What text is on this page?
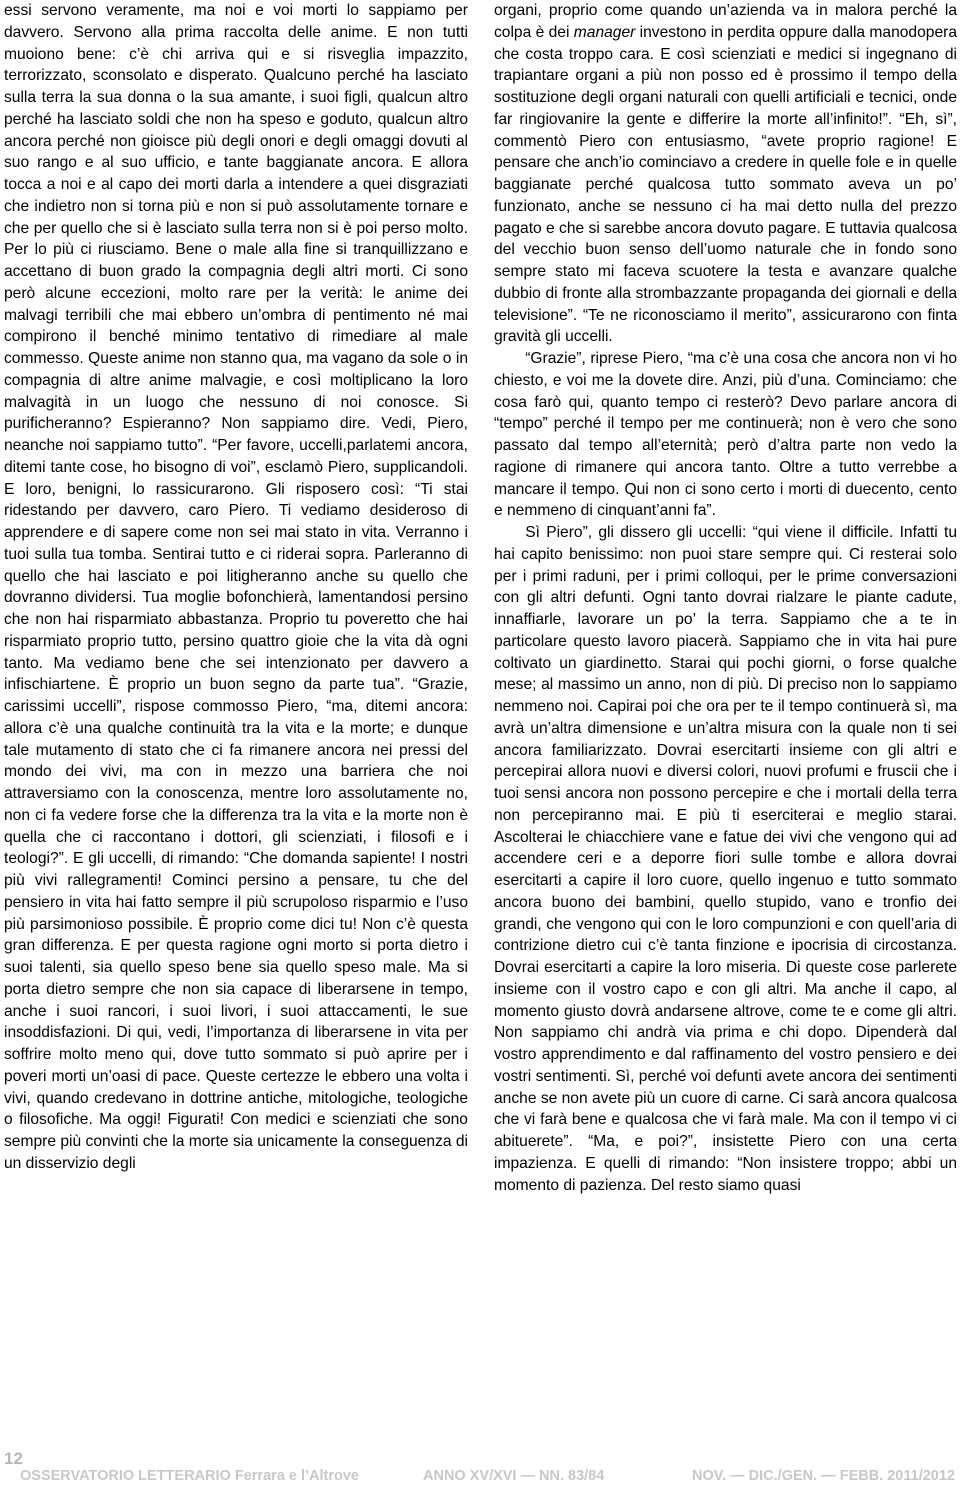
essi servono veramente, ma noi e voi morti lo sappiamo per davvero. Servono alla prima raccolta delle anime. E non tutti muoiono bene: c’è chi arriva qui e si risveglia impazzito, terrorizzato, sconsolato e disperato. Qualcuno perché ha lasciato sulla terra la sua donna o la sua amante, i suoi figli, qualcun altro perché ha lasciato soldi che non ha speso e goduto, qualcun altro ancora perché non gioisce più degli onori e degli omaggi dovuti al suo rango e al suo ufficio, e tante baggianate ancora. E allora tocca a noi e al capo dei morti darla a intendere a quei disgraziati che indietro non si torna più e non si può assolutamente tornare e che per quello che si è lasciato sulla terra non si è poi perso molto. Per lo più ci riusciamo. Bene o male alla fine si tranquillizzano e accettano di buon grado la compagnia degli altri morti. Ci sono però alcune eccezioni, molto rare per la verità: le anime dei malvagi terribili che mai ebbero un’ombra di pentimento né mai compirono il benché minimo tentativo di rimediare al male commesso. Queste anime non stanno qua, ma vagano da sole o in compagnia di altre anime malvagie, e così moltiplicano la loro malvagità in un luogo che nessuno di noi conosce. Si purificheranno? Espieranno? Non sappiamo dire. Vedi, Piero, neanche noi sappiamo tutto”. “Per favore, uccelli,parlatemi ancora, ditemi tante cose, ho bisogno di voi”, esclamò Piero, supplicandoli. E loro, benigni, lo rassicurarono. Gli risposero così: “Ti stai ridestando per davvero, caro Piero. Ti vediamo desideroso di apprendere e di sapere come non sei mai stato in vita. Verranno i tuoi sulla tua tomba. Sentirai tutto e ci riderai sopra. Parleranno di quello che hai lasciato e poi litigheranno anche su quello che dovranno dividersi. Tua moglie bofonchierà, lamentandosi persino che non hai risparmiato abbastanza. Proprio tu poveretto che hai risparmiato proprio tutto, persino quattro gioie che la vita dà ogni tanto. Ma vediamo bene che sei intenzionato per davvero a infischiartene. È proprio un buon segno da parte tua”. “Grazie, carissimi uccelli”, rispose commosso Piero, “ma, ditemi ancora: allora c’è una qualche continuità tra la vita e la morte; e dunque tale mutamento di stato che ci fa rimanere ancora nei pressi del mondo dei vivi, ma con in mezzo una barriera che noi attraversiamo con la conoscenza, mentre loro assolutamente no, non ci fa vedere forse che la differenza tra la vita e la morte non è quella che ci raccontano i dottori, gli scienziati, i filosofi e i teologi?”. E gli uccelli, di rimando: “Che domanda sapiente! I nostri più vivi rallegramenti! Cominci persino a pensare, tu che del pensiero in vita hai fatto sempre il più scrupoloso risparmio e l’uso più parsimonioso possibile. È proprio come dici tu! Non c’è questa gran differenza. E per questa ragione ogni morto si porta dietro i suoi talenti, sia quello speso bene sia quello speso male. Ma si porta dietro sempre che non sia capace di liberarsene in tempo, anche i suoi rancori, i suoi livori, i suoi attaccamenti, le sue insoddisfazioni. Di qui, vedi, l’importanza di liberarsene in vita per soffrire molto meno qui, dove tutto sommato si può aprire per i poveri morti un’oasi di pace. Queste certezze le ebbero una volta i vivi, quando credevano in dottrine antiche, mitologiche, teologiche o filosofiche. Ma oggi! Figurati! Con medici e scienziati che sono sempre più convinti che la morte sia unicamente la conseguenza di un disservizio degli

organi, proprio come quando un’azienda va in malora perché la colpa è dei manager investono in perdita oppure dalla manodopera che costa troppo cara. E così scienziati e medici si ingegnano di trapiantare organi a più non posso ed è prossimo il tempo della sostituzione degli organi naturali con quelli artificiali e tecnici, onde far ringiovanire la gente e differire la morte all’infinito!”. “Eh, sì”, commentò Piero con entusiasmo, “avete proprio ragione! E pensare che anch’io cominciavo a credere in quelle fole e in quelle baggianate perché qualcosa tutto sommato aveva un po’ funzionato, anche se nessuno ci ha mai detto nulla del prezzo pagato e che si sarebbe ancora dovuto pagare. E tuttavia qualcosa del vecchio buon senso dell’uomo naturale che in fondo sono sempre stato mi faceva scuotere la testa e avanzare qualche dubbio di fronte alla strombazzante propaganda dei giornali e della televisione”. “Te ne riconosciamo il merito”, assicurarono con finta gravità gli uccelli.

“Grazie”, riprese Piero, “ma c’è una cosa che ancora non vi ho chiesto, e voi me la dovete dire. Anzi, più d’una. Cominciamo: che cosa farò qui, quanto tempo ci resterò? Devo parlare ancora di “tempo” perché il tempo per me continuerà; non è vero che sono passato dal tempo all’eternità; però d’altra parte non vedo la ragione di rimanere qui ancora tanto. Oltre a tutto verrebbe a mancare il tempo. Qui non ci sono certo i morti di duecento, cento e nemmeno di cinquant’anni fa”.

Sì Piero”, gli dissero gli uccelli: “qui viene il difficile. Infatti tu hai capito benissimo: non puoi stare sempre qui. Ci resterai solo per i primi raduni, per i primi colloqui, per le prime conversazioni con gli altri defunti. Ogni tanto dovrai rialzare le piante cadute, innaffiarle, lavorare un po’ la terra. Sappiamo che a te in particolare questo lavoro piacerà. Sappiamo che in vita hai pure coltivato un giardinetto. Starai qui pochi giorni, o forse qualche mese; al massimo un anno, non di più. Di preciso non lo sappiamo nemmeno noi. Capirai poi che ora per te il tempo continuerà sì, ma avrà un’altra dimensione e un’altra misura con la quale non ti sei ancora familiarizzato. Dovrai esercitarti insieme con gli altri e percepirai allora nuovi e diversi colori, nuovi profumi e fruscii che i tuoi sensi ancora non possono percepire e che i mortali della terra non percepiranno mai. E più ti eserciterai e meglio starai. Ascolterai le chiacchiere vane e fatue dei vivi che vengono qui ad accendere ceri e a deporre fiori sulle tombe e allora dovrai esercitarti a capire il loro cuore, quello ingenuo e tutto sommato ancora buono dei bambini, quello stupido, vano e tronfio dei grandi, che vengono qui con le loro compunzioni e con quell’aria di contrizione dietro cui c’è tanta finzione e ipocrisia di circostanza. Dovrai esercitarti a capire la loro miseria. Di queste cose parlerete insieme con il vostro capo e con gli altri. Ma anche il capo, al momento giusto dovrà andarsene altrove, come te e come gli altri. Non sappiamo chi andrà via prima e chi dopo. Dipenderà dal vostro apprendimento e dal raffinamento del vostro pensiero e dei vostri sentimenti. Sì, perché voi defunti avete ancora dei sentimenti anche se non avete più un cuore di carne. Ci sarà ancora qualcosa che vi farà bene e qualcosa che vi farà male. Ma con il tempo vi ci abituerete”. “Ma, e poi?”, insistette Piero con una certa impazienza. E quelli di rimando: “Non insistere troppo; abbi un momento di pazienza. Del resto siamo quasi

12
OSSERVATORIO LETTERARIO Ferrara e l’Altrove	ANNO XV/XVI — NN. 83/84	NOV. — DIC./GEN. — FEBB. 2011/2012
